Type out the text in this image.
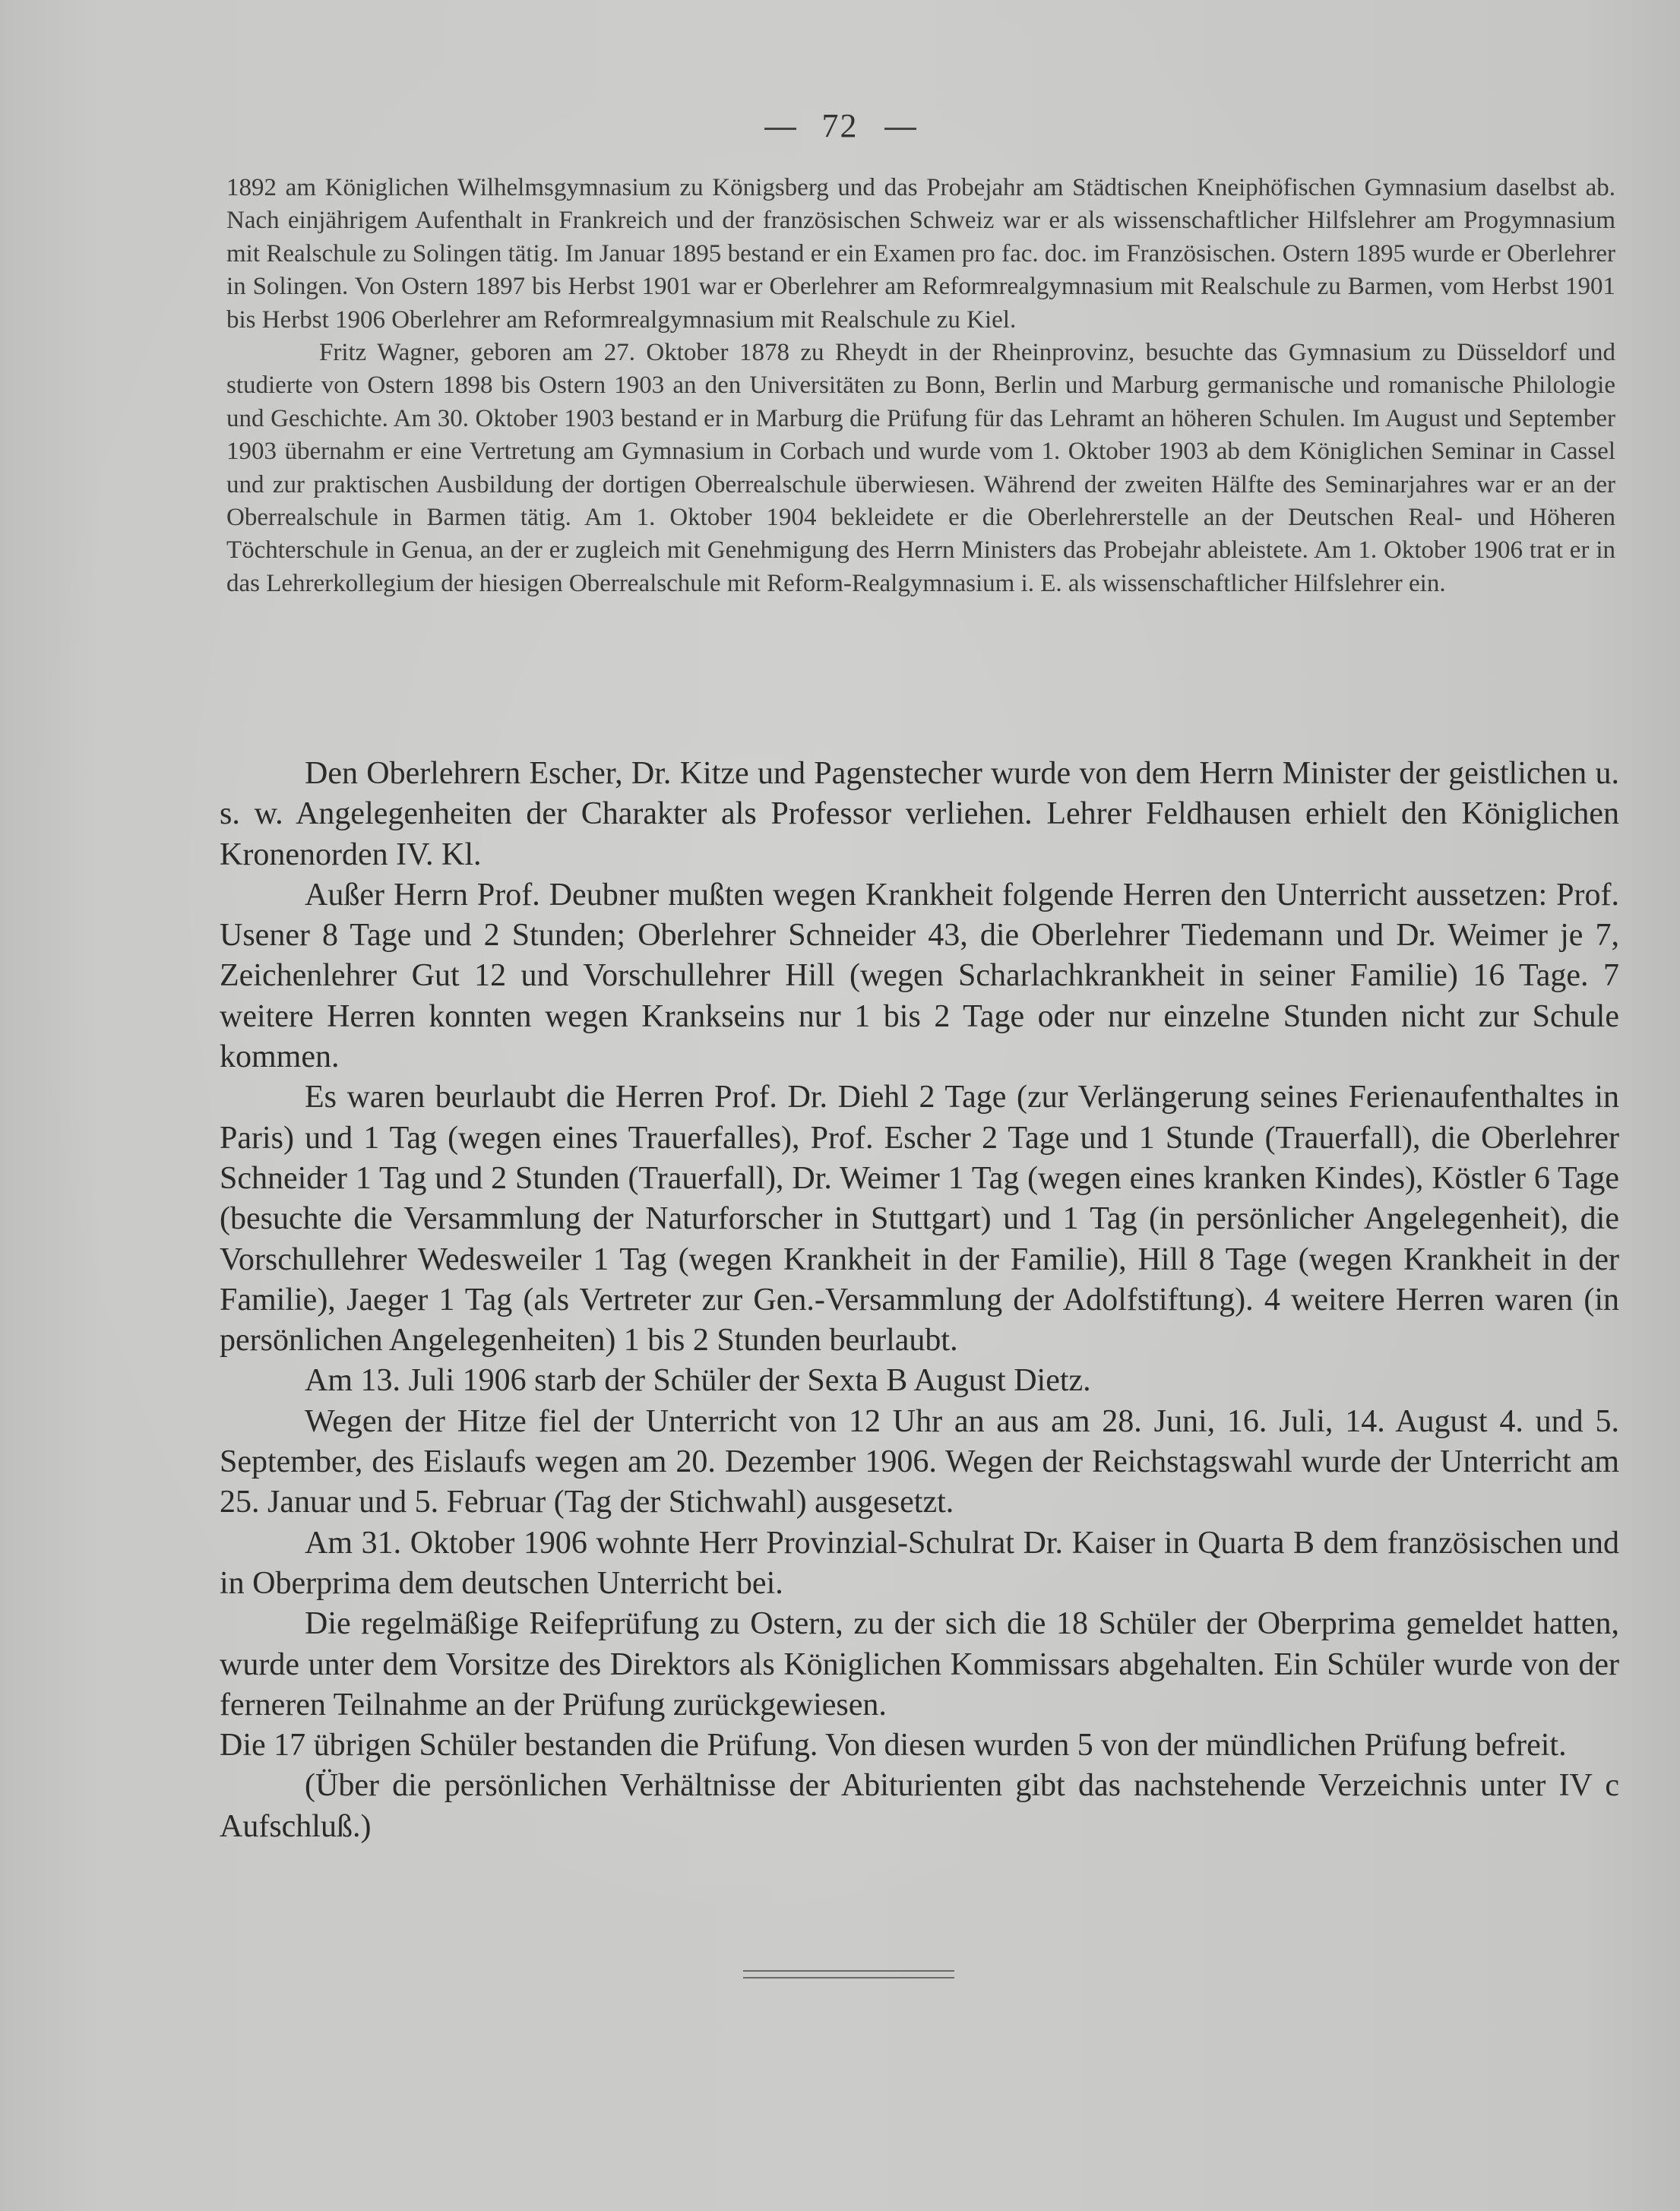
72

1892 am Königlichen Wilhelmsgymnasium zu Königsberg und das Probejahr am Städtischen Kneiphöfischen Gymnasium daselbst ab. Nach einjährigem Aufenthalt in Frankreich und der französischen Schweiz war er als wissenschaftlicher Hilfslehrer am Progymnasium mit Realschule zu Solingen tätig. Im Januar 1895 bestand er ein Examen pro fac. doc. im Französischen. Ostern 1895 wurde er Oberlehrer in Solingen. Von Ostern 1897 bis Herbst 1901 war er Oberlehrer am Reformrealgymnasium mit Realschule zu Barmen, vom Herbst 1901 bis Herbst 1906 Oberlehrer am Reformrealgymnasium mit Realschule zu Kiel.

Fritz Wagner, geboren am 27. Oktober 1878 zu Rheydt in der Rheinprovinz, besuchte das Gymnasium zu Düsseldorf und studierte von Ostern 1898 bis Ostern 1903 an den Universitäten zu Bonn, Berlin und Marburg germanische und romanische Philologie und Geschichte. Am 30. Oktober 1903 bestand er in Marburg die Prüfung für das Lehramt an höheren Schulen. Im August und September 1903 übernahm er eine Vertretung am Gymnasium in Corbach und wurde vom 1. Oktober 1903 ab dem Königlichen Seminar in Cassel und zur praktischen Ausbildung der dortigen Oberrealschule überwiesen. Während der zweiten Hälfte des Seminarjahres war er an der Oberrealschule in Barmen tätig. Am 1. Oktober 1904 bekleidete er die Oberlehrerstelle an der Deutschen Real- und Höheren Töchterschule in Genua, an der er zugleich mit Genehmigung des Herrn Ministers das Probejahr ableistete. Am 1. Oktober 1906 trat er in das Lehrerkollegium der hiesigen Oberrealschule mit Reform-Realgymnasium i. E. als wissenschaftlicher Hilfslehrer ein.

Den Oberlehrern Escher, Dr. Kitze und Pagenstecher wurde von dem Herrn Minister der geistlichen u. s. w. Angelegenheiten der Charakter als Professor verliehen. Lehrer Feldhausen erhielt den Königlichen Kronenorden IV. Kl.

Außer Herrn Prof. Deubner mußten wegen Krankheit folgende Herren den Unterricht aussetzen: Prof. Usener 8 Tage und 2 Stunden; Oberlehrer Schneider 43, die Oberlehrer Tiedemann und Dr. Weimer je 7, Zeichenlehrer Gut 12 und Vorschullehrer Hill (wegen Scharlachkrankheit in seiner Familie) 16 Tage. 7 weitere Herren konnten wegen Krankseins nur 1 bis 2 Tage oder nur einzelne Stunden nicht zur Schule kommen.

Es waren beurlaubt die Herren Prof. Dr. Diehl 2 Tage (zur Verlängerung seines Ferienaufenthaltes in Paris) und 1 Tag (wegen eines Trauerfalles), Prof. Escher 2 Tage und 1 Stunde (Trauerfall), die Oberlehrer Schneider 1 Tag und 2 Stunden (Trauerfall), Dr. Weimer 1 Tag (wegen eines kranken Kindes), Köstler 6 Tage (besuchte die Versammlung der Naturforscher in Stuttgart) und 1 Tag (in persönlicher Angelegenheit), die Vorschullehrer Wedesweiler 1 Tag (wegen Krankheit in der Familie), Hill 8 Tage (wegen Krankheit in der Familie), Jaeger 1 Tag (als Vertreter zur Gen.-Versammlung der Adolfstiftung). 4 weitere Herren waren (in persönlichen Angelegenheiten) 1 bis 2 Stunden beurlaubt.

Am 13. Juli 1906 starb der Schüler der Sexta B August Dietz.

Wegen der Hitze fiel der Unterricht von 12 Uhr an aus am 28. Juni, 16. Juli, 14. August 4. und 5. September, des Eislaufs wegen am 20. Dezember 1906. Wegen der Reichstagswahl wurde der Unterricht am 25. Januar und 5. Februar (Tag der Stichwahl) ausgesetzt.

Am 31. Oktober 1906 wohnte Herr Provinzial-Schulrat Dr. Kaiser in Quarta B dem französischen und in Oberprima dem deutschen Unterricht bei.

Die regelmäßige Reifeprüfung zu Ostern, zu der sich die 18 Schüler der Oberprima gemeldet hatten, wurde unter dem Vorsitze des Direktors als Königlichen Kommissars abgehalten. Ein Schüler wurde von der ferneren Teilnahme an der Prüfung zurückgewiesen.

Die 17 übrigen Schüler bestanden die Prüfung. Von diesen wurden 5 von der mündlichen Prüfung befreit.

(Über die persönlichen Verhältnisse der Abiturienten gibt das nachstehende Verzeichnis unter IV c Aufschluß.)
